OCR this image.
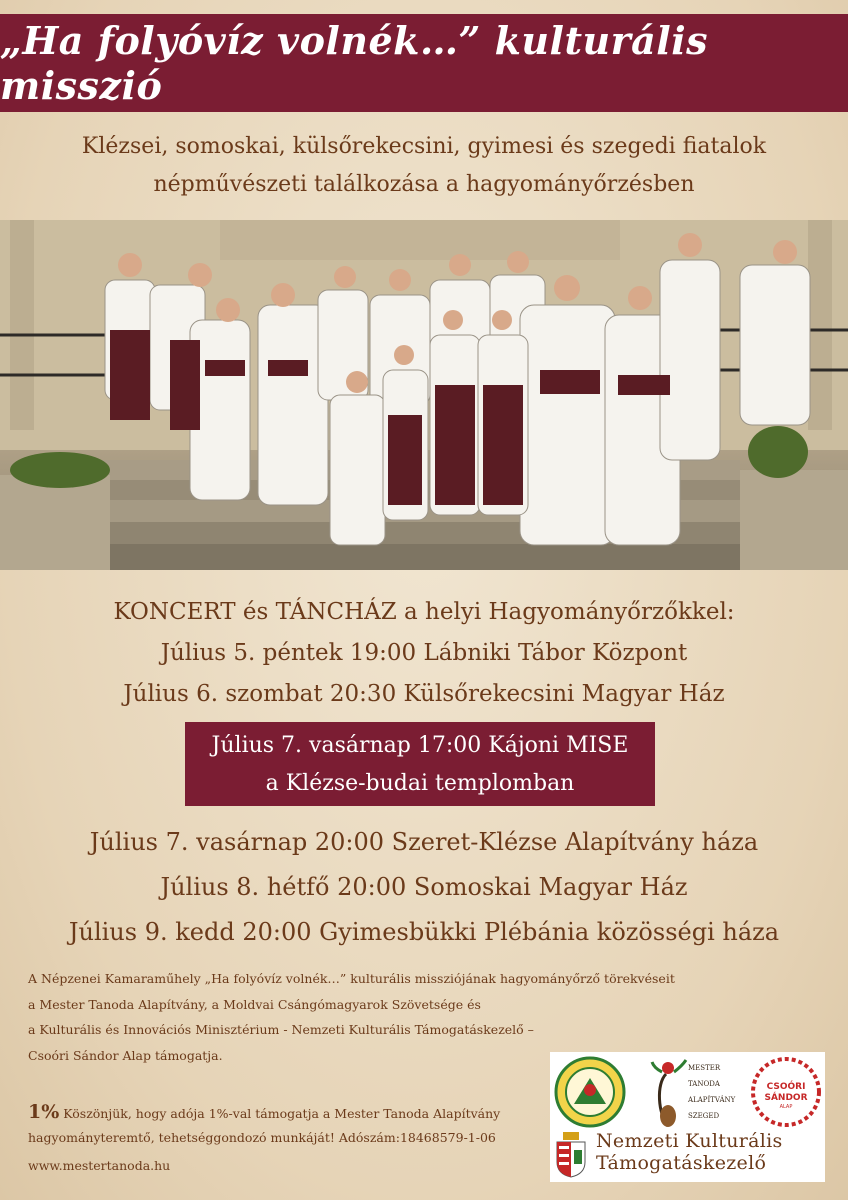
„Ha folyóvíz volnék…” kulturális misszió
Klézsei, somoskai, külsőrekecsini, gyimesi és szegedi fiatalok
népművészeti találkozása a hagyományőrzésben
KONCERT és TÁNCHÁZ a helyi Hagyományőrzőkkel:
Július 5. péntek 19:00 Lábniki Tábor Központ
Július 6. szombat 20:30 Külsőrekecsini Magyar Ház
Július 7. vasárnap 17:00 Kájoni MISE
a Klézse-budai templomban
Július 7. vasárnap 20:00 Szeret-Klézse Alapítvány háza
Július 8. hétfő 20:00 Somoskai Magyar Ház
Július 9. kedd 20:00 Gyimesbükki Plébánia közösségi háza
A Népzenei Kamaraműhely „Ha folyóvíz volnék…” kulturális missziójának hagyományőrző törekvéseit
a Mester Tanoda Alapítvány, a Moldvai Csángómagyarok Szövetsége és
a Kulturális és Innovációs Minisztérium - Nemzeti Kulturális Támogatáskezelő –
Csoóri Sándor Alap támogatja.
1% Köszönjük, hogy adója 1%-val támogatja a Mester Tanoda Alapítvány
hagyományteremtő, tehetséggondozó munkáját! Adószám:18468579-1-06
www.mestertanoda.hu
MESTER
TANODA
ALAPÍTVÁNY
SZEGED
CSOÓRI
SÁNDOR
ALAP
Nemzeti Kulturális
Támogatáskezelő
